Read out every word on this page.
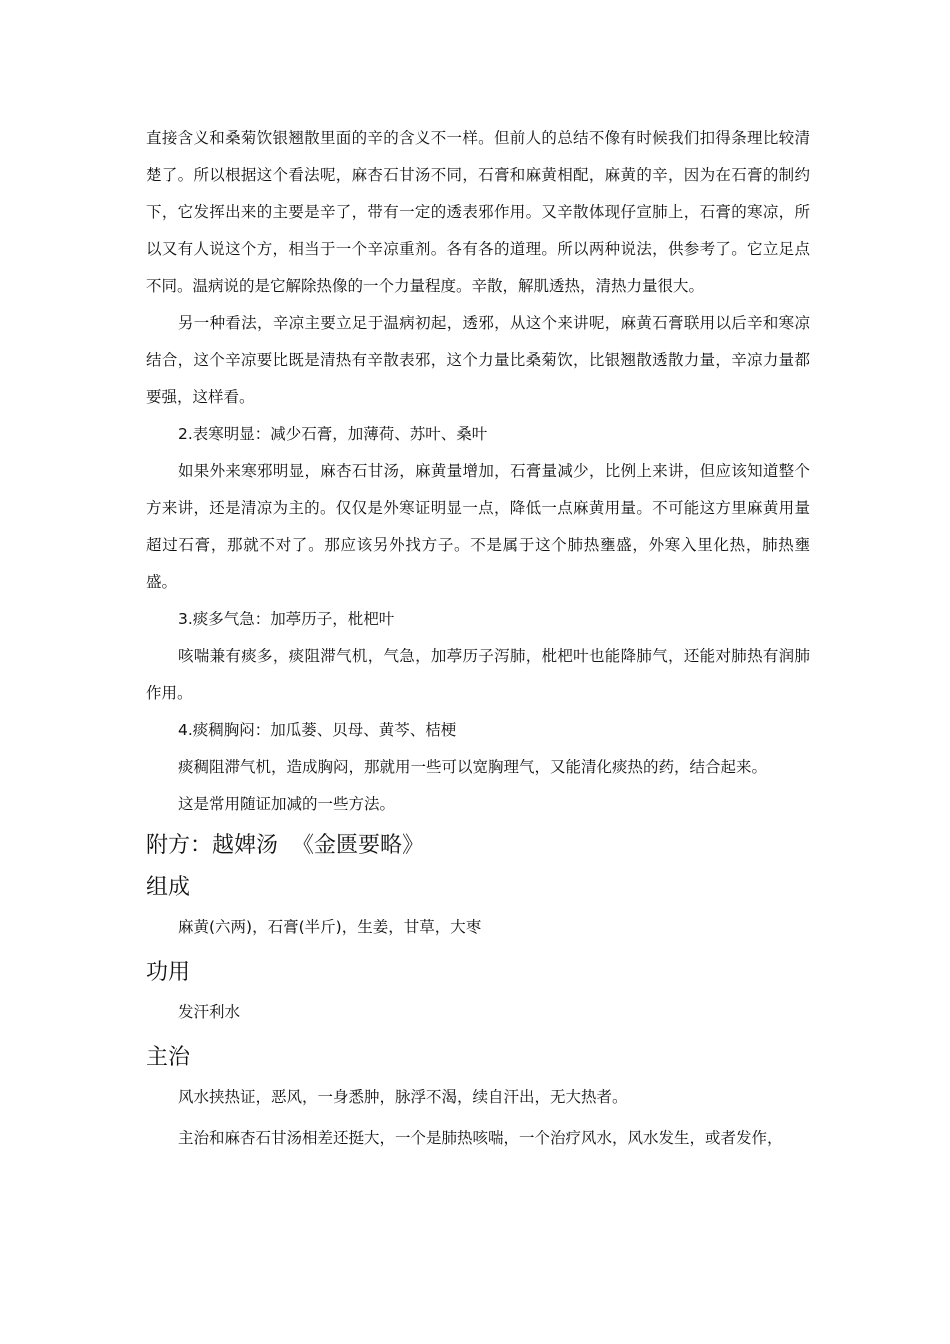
直接含义和桑菊饮银翘散里面的辛的含义不一样。但前人的总结不像有时候我们扣得条理比较清楚了。所以根据这个看法呢，麻杏石甘汤不同，石膏和麻黄相配，麻黄的辛，因为在石膏的制约下，它发挥出来的主要是辛了，带有一定的透表邪作用。又辛散体现仔宣肺上，石膏的寒凉，所以又有人说这个方，相当于一个辛凉重剂。各有各的道理。所以两种说法，供参考了。它立足点不同。温病说的是它解除热像的一个力量程度。辛散，解肌透热，清热力量很大。

另一种看法，辛凉主要立足于温病初起，透邪，从这个来讲呢，麻黄石膏联用以后辛和寒凉结合，这个辛凉要比既是清热有辛散表邪，这个力量比桑菊饮，比银翘散透散力量，辛凉力量都要强，这样看。

2.表寒明显：减少石膏，加薄荷、苏叶、桑叶

如果外来寒邪明显，麻杏石甘汤，麻黄量增加，石膏量减少，比例上来讲，但应该知道整个方来讲，还是清凉为主的。仅仅是外寒证明显一点，降低一点麻黄用量。不可能这方里麻黄用量超过石膏，那就不对了。那应该另外找方子。不是属于这个肺热壅盛，外寒入里化热，肺热壅盛。

3.痰多气急：加葶历子，枇杷叶

咳喘兼有痰多，痰阻滞气机，气急，加葶历子泻肺，枇杷叶也能降肺气，还能对肺热有润肺作用。

4.痰稠胸闷：加瓜蒌、贝母、黄芩、桔梗

痰稠阻滞气机，造成胸闷，那就用一些可以宽胸理气，又能清化痰热的药，结合起来。

这是常用随证加减的一些方法。

附方：越婢汤  《金匮要略》
组成

麻黄(六两)，石膏(半斤)，生姜，甘草，大枣

功用

发汗利水

主治

风水挟热证，恶风，一身悉肿，脉浮不渴，续自汗出，无大热者。

主治和麻杏石甘汤相差还挺大，一个是肺热咳喘，一个治疗风水，风水发生，或者发作，
